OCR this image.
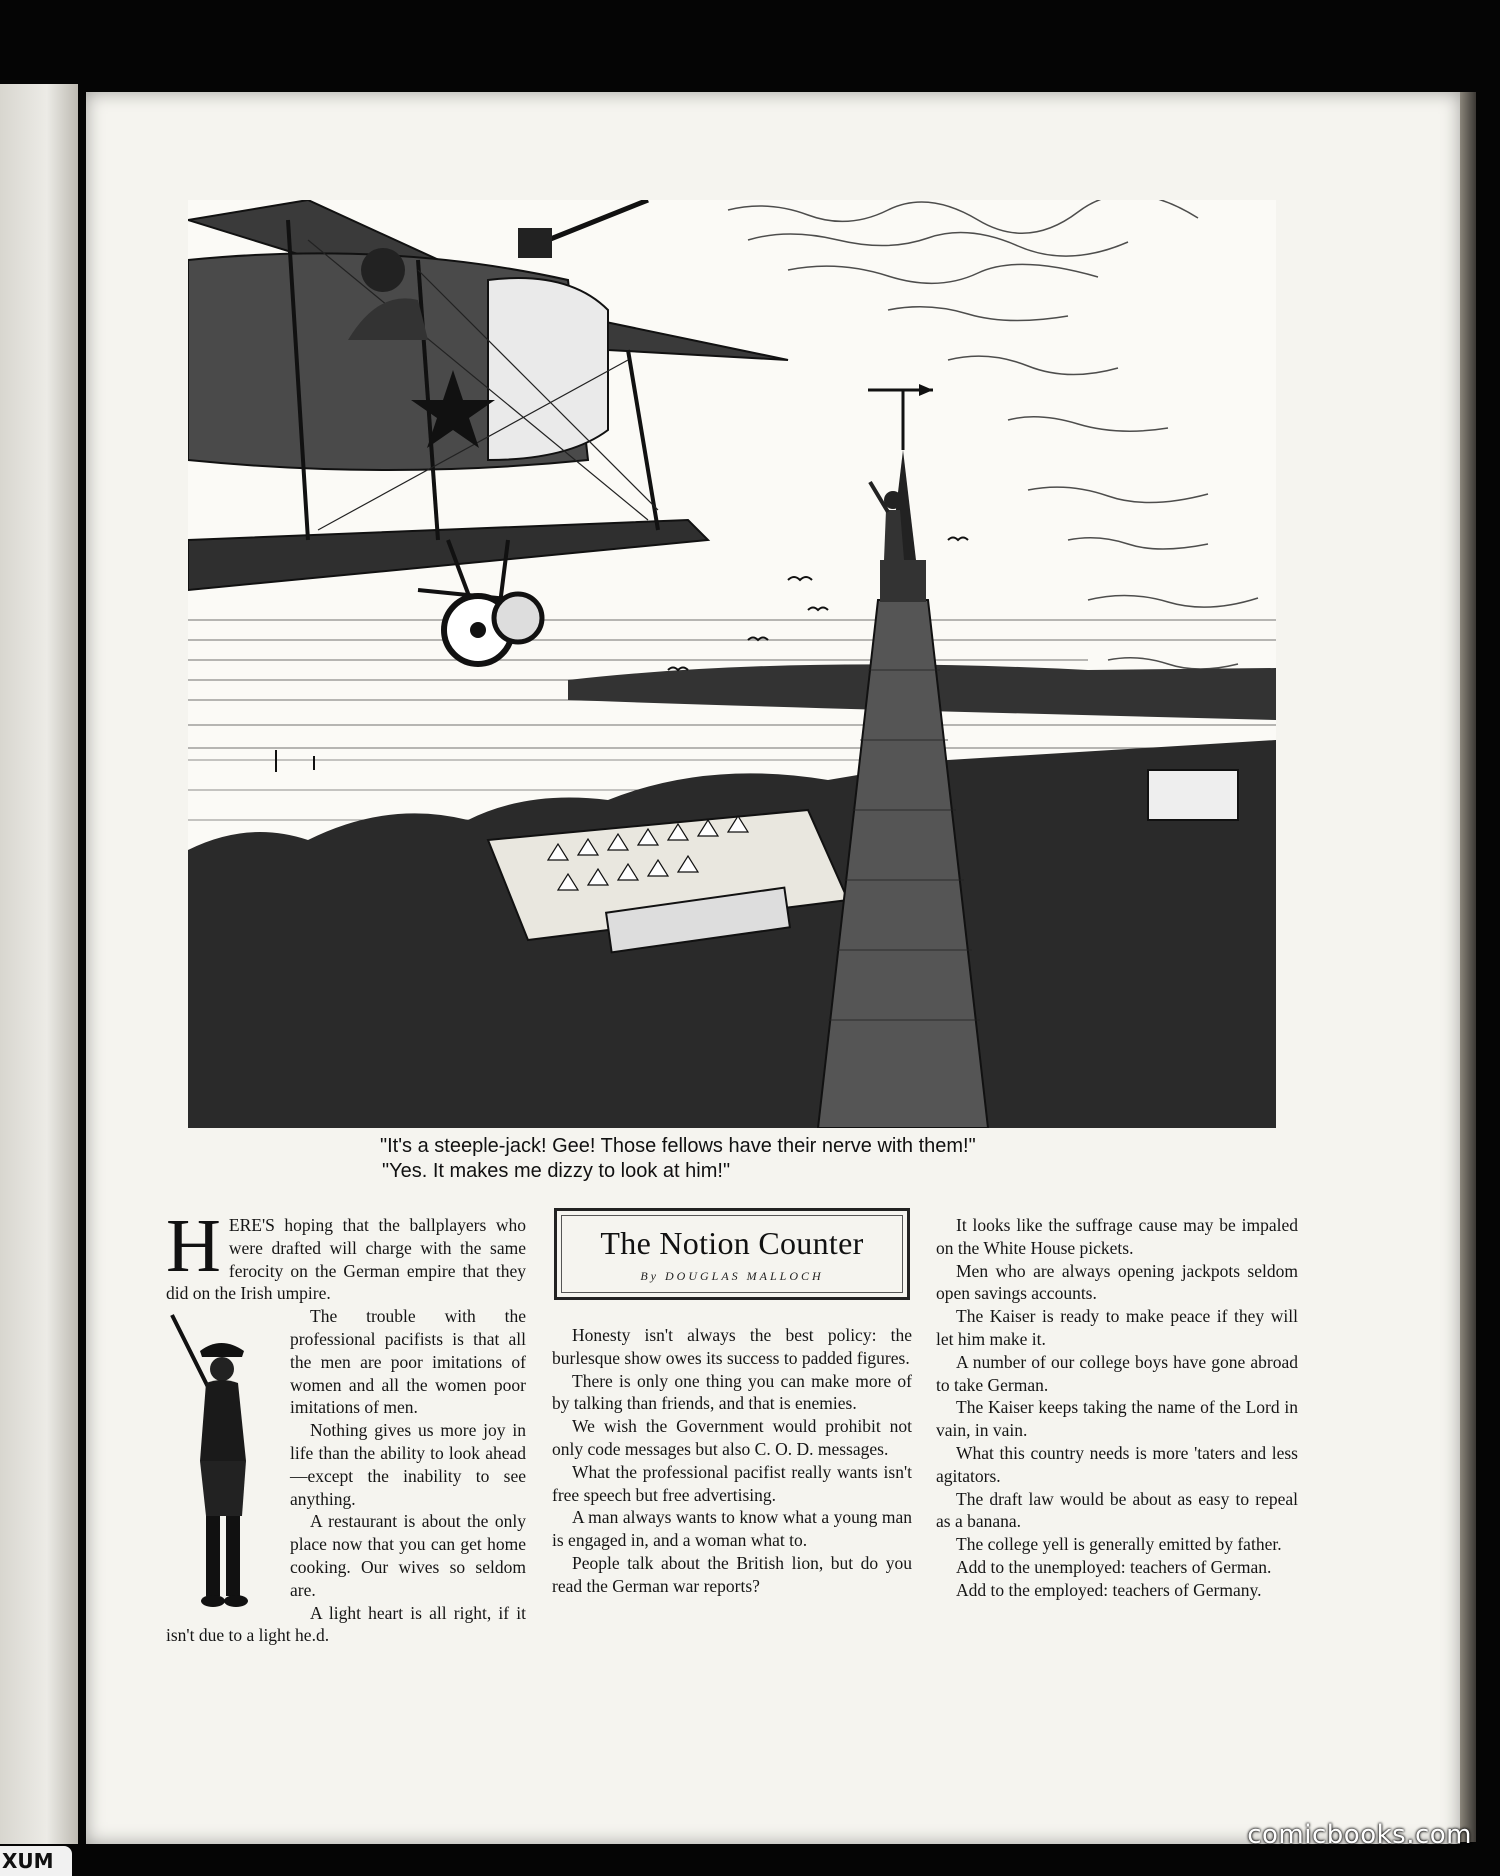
"It's a steeple-jack! Gee! Those fellows have their nerve with them!"
"Yes. It makes me dizzy to look at him!"

HERE'S hoping that the ballplayers who were drafted will charge with the same ferocity on the German empire that they did on the Irish umpire.

The trouble with the professional pacifists is that all the men are poor imitations of women and all the women poor imitations of men.

Nothing gives us more joy in life than the ability to look ahead—except the inability to see anything.

A restaurant is about the only place now that you can get home cooking. Our wives so seldom are.

A light heart is all right, if it isn't due to a light he.d.

The Notion Counter
By DOUGLAS MALLOCH

Honesty isn't always the best policy: the burlesque show owes its success to padded figures.

There is only one thing you can make more of by talking than friends, and that is enemies.

We wish the Government would prohibit not only code messages but also C. O. D. messages.

What the professional pacifist really wants isn't free speech but free advertising.

A man always wants to know what a young man is engaged in, and a woman what to.

People talk about the British lion, but do you read the German war reports?

It looks like the suffrage cause may be impaled on the White House pickets.

Men who are always opening jackpots seldom open savings accounts.

The Kaiser is ready to make peace if they will let him make it.

A number of our college boys have gone abroad to take German.

The Kaiser keeps taking the name of the Lord in vain, in vain.

What this country needs is more 'taters and less agitators.

The draft law would be about as easy to repeal as a banana.

The college yell is generally emitted by father.

Add to the unemployed: teachers of German.

Add to the employed: teachers of Germany.

comicbooks.com
XUM
